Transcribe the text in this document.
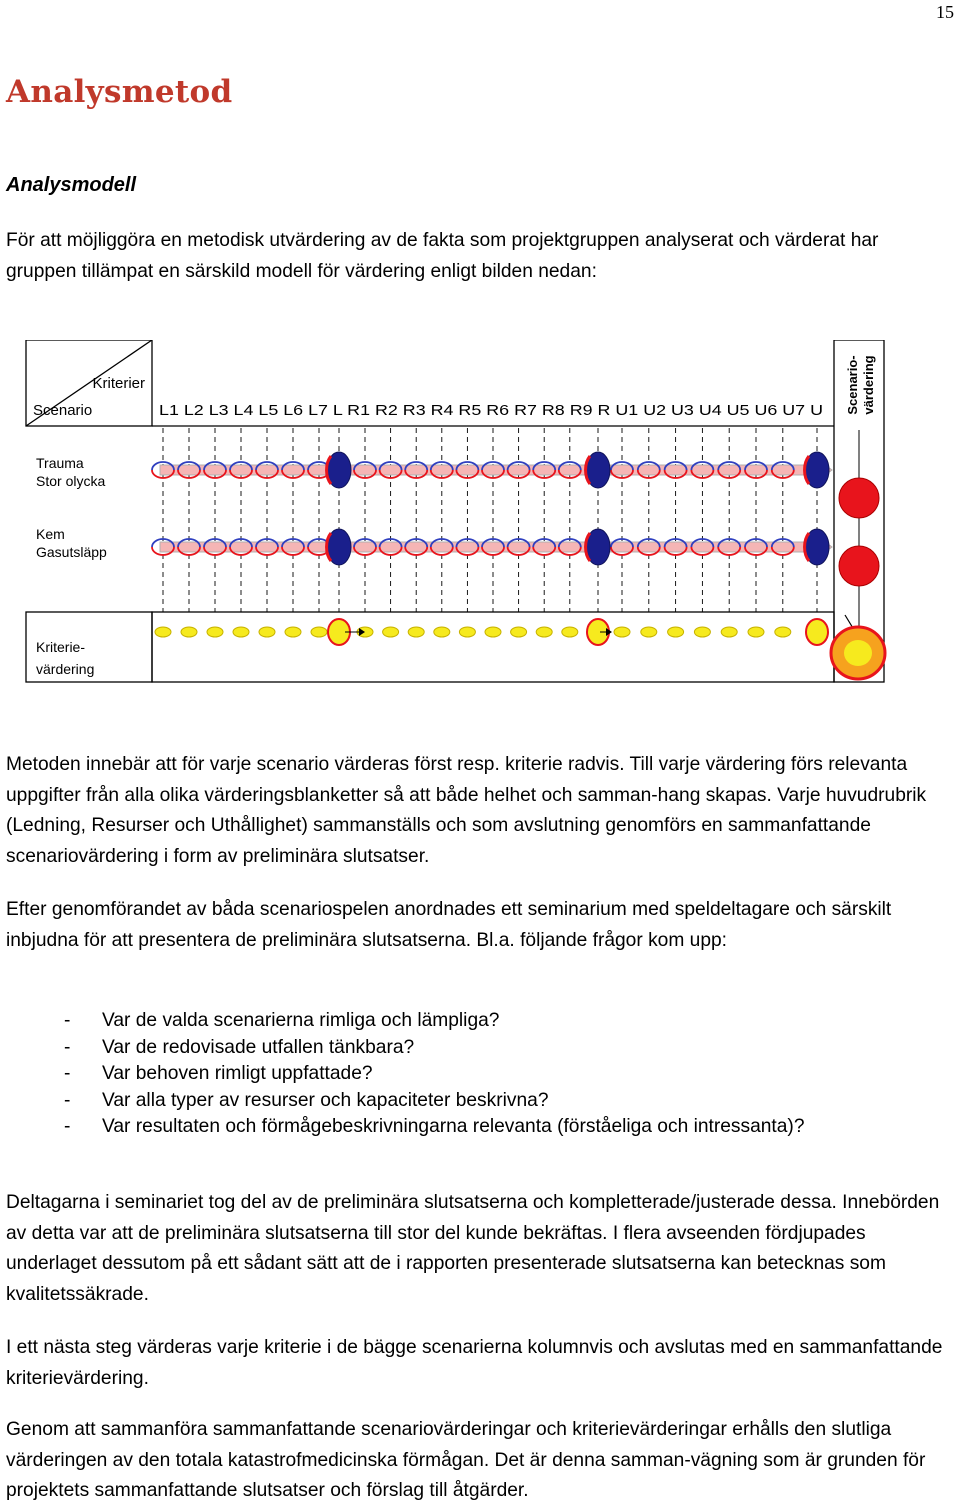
15
Analysmetod
Analysmodell

För att möjliggöra en metodisk utvärdering av de fakta som projektgruppen analyserat och värderat har gruppen tillämpat en särskild modell för värdering enligt bilden nedan:

Kriterier
Scenario	L1 L2 L3 L4 L5 L6 L7 L R1 R2 R3 R4 R5 R6 R7 R8 R9 R U1 U2 U3 U4 U5 U6 U7 U Scenario- värdering
Trauma
Stor olycka
Kem
Gasutsläpp
Kriterie-
värdering

Metoden innebär att för varje scenario värderas först resp. kriterie radvis. Till varje värdering förs relevanta uppgifter från alla olika värderingsblanketter så att både helhet och samman-hang skapas. Varje huvudrubrik (Ledning, Resurser och Uthållighet) sammanställs och som avslutning genomförs en sammanfattande scenariovärdering i form av preliminära slutsatser.

Efter genomförandet av båda scenariospelen anordnades ett seminarium med speldeltagare och särskilt inbjudna för att presentera de preliminära slutsatserna. Bl.a. följande frågor kom upp:

- Var de valda scenarierna rimliga och lämpliga?
- Var de redovisade utfallen tänkbara?
- Var behoven rimligt uppfattade?
- Var alla typer av resurser och kapaciteter beskrivna?
- Var resultaten och förmågebeskrivningarna relevanta (förståeliga och intressanta)?

Deltagarna i seminariet tog del av de preliminära slutsatserna och kompletterade/justerade dessa. Innebörden av detta var att de preliminära slutsatserna till stor del kunde bekräftas. I flera avseenden fördjupades underlaget dessutom på ett sådant sätt att de i rapporten presenterade slutsatserna kan betecknas som kvalitetssäkrade.

I ett nästa steg värderas varje kriterie i de bägge scenarierna kolumnvis och avslutas med en sammanfattande kriterievärdering.

Genom att sammanföra sammanfattande scenariovärderingar och kriterievärderingar erhålls den slutliga värderingen av den totala katastrofmedicinska förmågan. Det är denna samman-vägning som är grunden för projektets sammanfattande slutsatser och förslag till åtgärder.
